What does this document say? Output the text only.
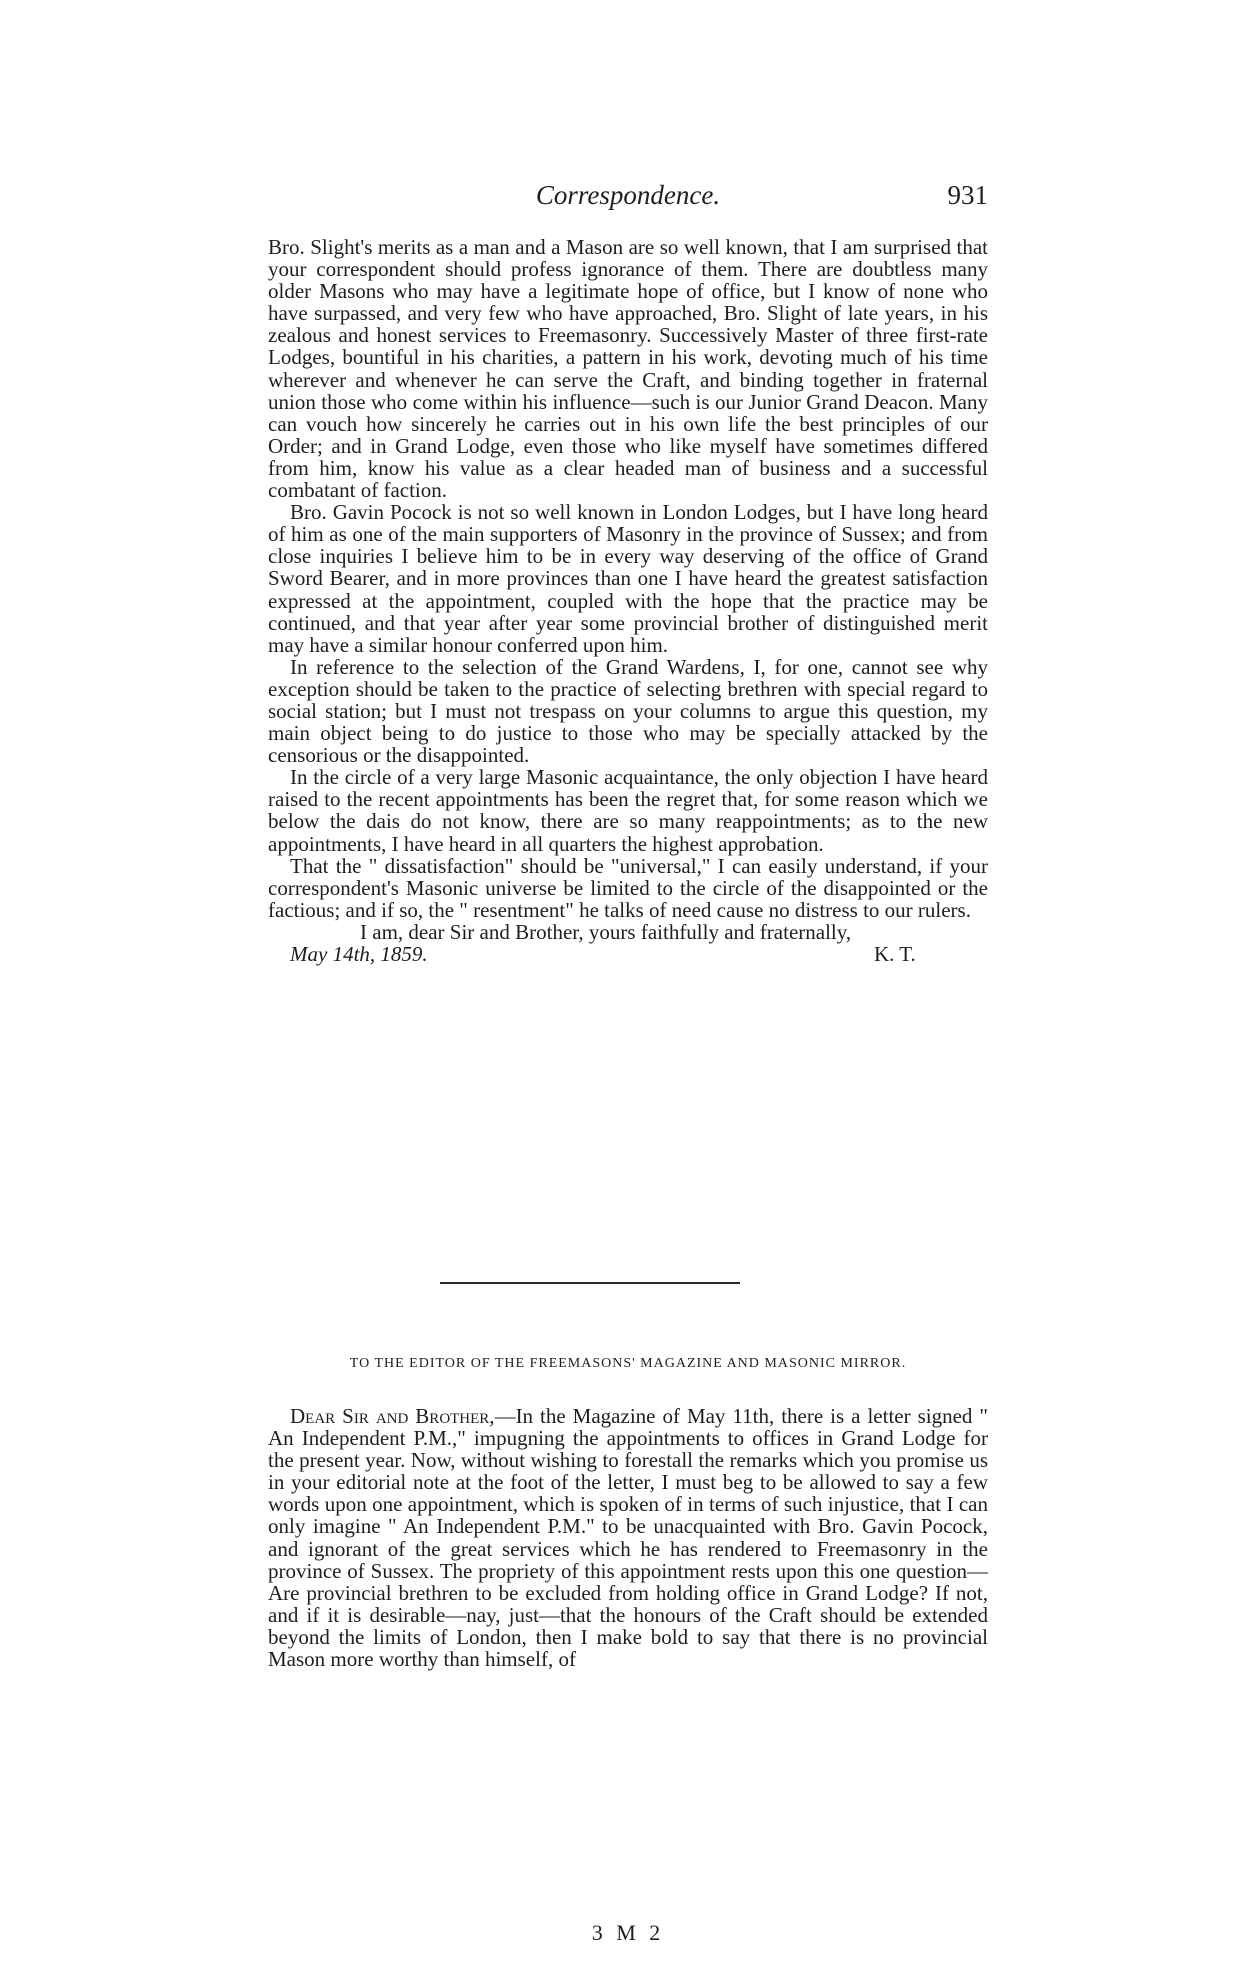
Correspondence.	931

Bro. Slight's merits as a man and a Mason are so well known, that I am surprised that your correspondent should profess ignorance of them. There are doubtless many older Masons who may have a legitimate hope of office, but I know of none who have surpassed, and very few who have approached, Bro. Slight of late years, in his zealous and honest services to Freemasonry. Successively Master of three first-rate Lodges, bountiful in his charities, a pattern in his work, devoting much of his time wherever and whenever he can serve the Craft, and binding together in fraternal union those who come within his influence—such is our Junior Grand Deacon. Many can vouch how sincerely he carries out in his own life the best principles of our Order; and in Grand Lodge, even those who like myself have sometimes differed from him, know his value as a clear headed man of business and a successful combatant of faction.

Bro. Gavin Pocock is not so well known in London Lodges, but I have long heard of him as one of the main supporters of Masonry in the province of Sussex; and from close inquiries I believe him to be in every way deserving of the office of Grand Sword Bearer, and in more provinces than one I have heard the greatest satisfaction expressed at the appointment, coupled with the hope that the practice may be continued, and that year after year some provincial brother of distinguished merit may have a similar honour conferred upon him.

In reference to the selection of the Grand Wardens, I, for one, cannot see why exception should be taken to the practice of selecting brethren with special regard to social station; but I must not trespass on your columns to argue this question, my main object being to do justice to those who may be specially attacked by the censorious or the disappointed.

In the circle of a very large Masonic acquaintance, the only objection I have heard raised to the recent appointments has been the regret that, for some reason which we below the dais do not know, there are so many reappointments; as to the new appointments, I have heard in all quarters the highest approbation.

That the " dissatisfaction" should be "universal," I can easily understand, if your correspondent's Masonic universe be limited to the circle of the disappointed or the factious; and if so, the " resentment" he talks of need cause no distress to our rulers.

I am, dear Sir and Brother, yours faithfully and fraternally,
May 14th, 1859.	K. T.
TO THE EDITOR OF THE FREEMASONS' MAGAZINE AND MASONIC MIRROR.

Dear Sir and Brother,—In the Magazine of May 11th, there is a letter signed " An Independent P.M.," impugning the appointments to offices in Grand Lodge for the present year. Now, without wishing to forestall the remarks which you promise us in your editorial note at the foot of the letter, I must beg to be allowed to say a few words upon one appointment, which is spoken of in terms of such injustice, that I can only imagine " An Independent P.M." to be unacquainted with Bro. Gavin Pocock, and ignorant of the great services which he has rendered to Freemasonry in the province of Sussex. The propriety of this appointment rests upon this one question—Are provincial brethren to be excluded from holding office in Grand Lodge? If not, and if it is desirable—nay, just—that the honours of the Craft should be extended beyond the limits of London, then I make bold to say that there is no provincial Mason more worthy than himself, of

3 M 2
